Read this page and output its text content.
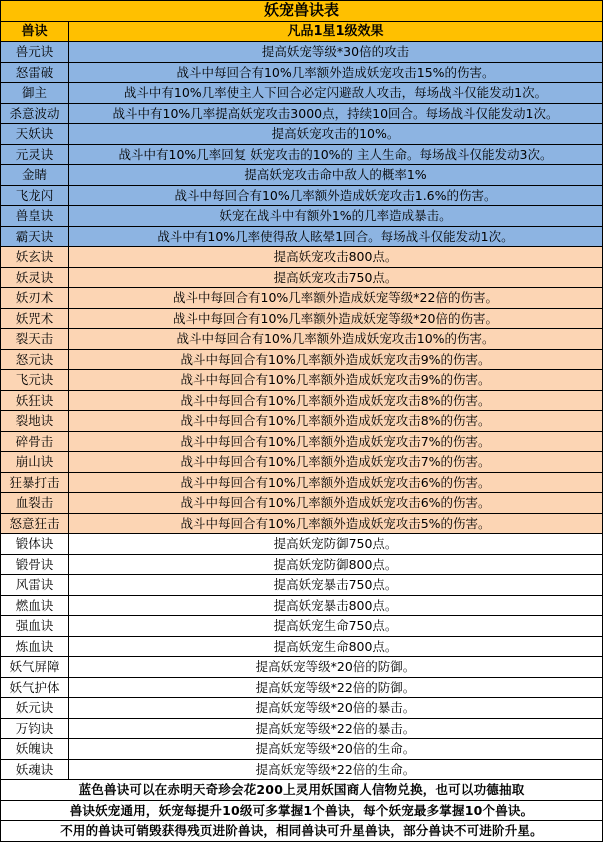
妖宠兽诀表	
兽诀	凡品1星1级效果
兽元诀	提高妖宠等级*30倍的攻击
怒雷破	战斗中每回合有10%几率额外造成妖宠攻击15%的伤害。
御主	战斗中有10%几率使主人下回合必定闪避敌人攻击，每场战斗仅能发动1次。
杀意波动	战斗中有10%几率提高妖宠攻击3000点，持续10回合。每场战斗仅能发动1次。
天妖诀	提高妖宠攻击的10%。
元灵诀	战斗中有10%几率回复 妖宠攻击的10%的 主人生命。每场战斗仅能发动3次。
金睛	提高妖宠攻击命中敌人的概率1%
飞龙闪	战斗中每回合有10%几率额外造成妖宠攻击1.6%的伤害。
兽皇诀	妖宠在战斗中有额外1%的几率造成暴击。
霸天诀	战斗中有10%几率使得敌人眩晕1回合。每场战斗仅能发动1次。
妖玄诀	提高妖宠攻击800点。
妖灵诀	提高妖宠攻击750点。
妖刃术	战斗中每回合有10%几率额外造成妖宠等级*22倍的伤害。
妖咒术	战斗中每回合有10%几率额外造成妖宠等级*20倍的伤害。
裂天击	战斗中每回合有10%几率额外造成妖宠攻击10%的伤害。
怒元诀	战斗中每回合有10%几率额外造成妖宠攻击9%的伤害。
飞元诀	战斗中每回合有10%几率额外造成妖宠攻击9%的伤害。
妖狂诀	战斗中每回合有10%几率额外造成妖宠攻击8%的伤害。
裂地诀	战斗中每回合有10%几率额外造成妖宠攻击8%的伤害。
碎骨击	战斗中每回合有10%几率额外造成妖宠攻击7%的伤害。
崩山诀	战斗中每回合有10%几率额外造成妖宠攻击7%的伤害。
狂暴打击	战斗中每回合有10%几率额外造成妖宠攻击6%的伤害。
血裂击	战斗中每回合有10%几率额外造成妖宠攻击6%的伤害。
怒意狂击	战斗中每回合有10%几率额外造成妖宠攻击5%的伤害。
锻体诀	提高妖宠防御750点。
锻骨诀	提高妖宠防御800点。
风雷诀	提高妖宠暴击750点。
燃血诀	提高妖宠暴击800点。
强血诀	提高妖宠生命750点。
炼血诀	提高妖宠生命800点。
妖气屏障	提高妖宠等级*20倍的防御。
妖气护体	提高妖宠等级*22倍的防御。
妖元诀	提高妖宠等级*20倍的暴击。
万钧诀	提高妖宠等级*22倍的暴击。
妖魄诀	提高妖宠等级*20倍的生命。
妖魂诀	提高妖宠等级*22倍的生命。
蓝色兽诀可以在赤明天奇珍会花200上灵用妖国商人信物兑换，也可以功德抽取	
兽诀妖宠通用，妖宠每提升10级可多掌握1个兽诀，每个妖宠最多掌握10个兽诀。	
不用的兽诀可销毁获得残页进阶兽诀，相同兽诀可升星兽诀，部分兽诀不可进阶升星。	
